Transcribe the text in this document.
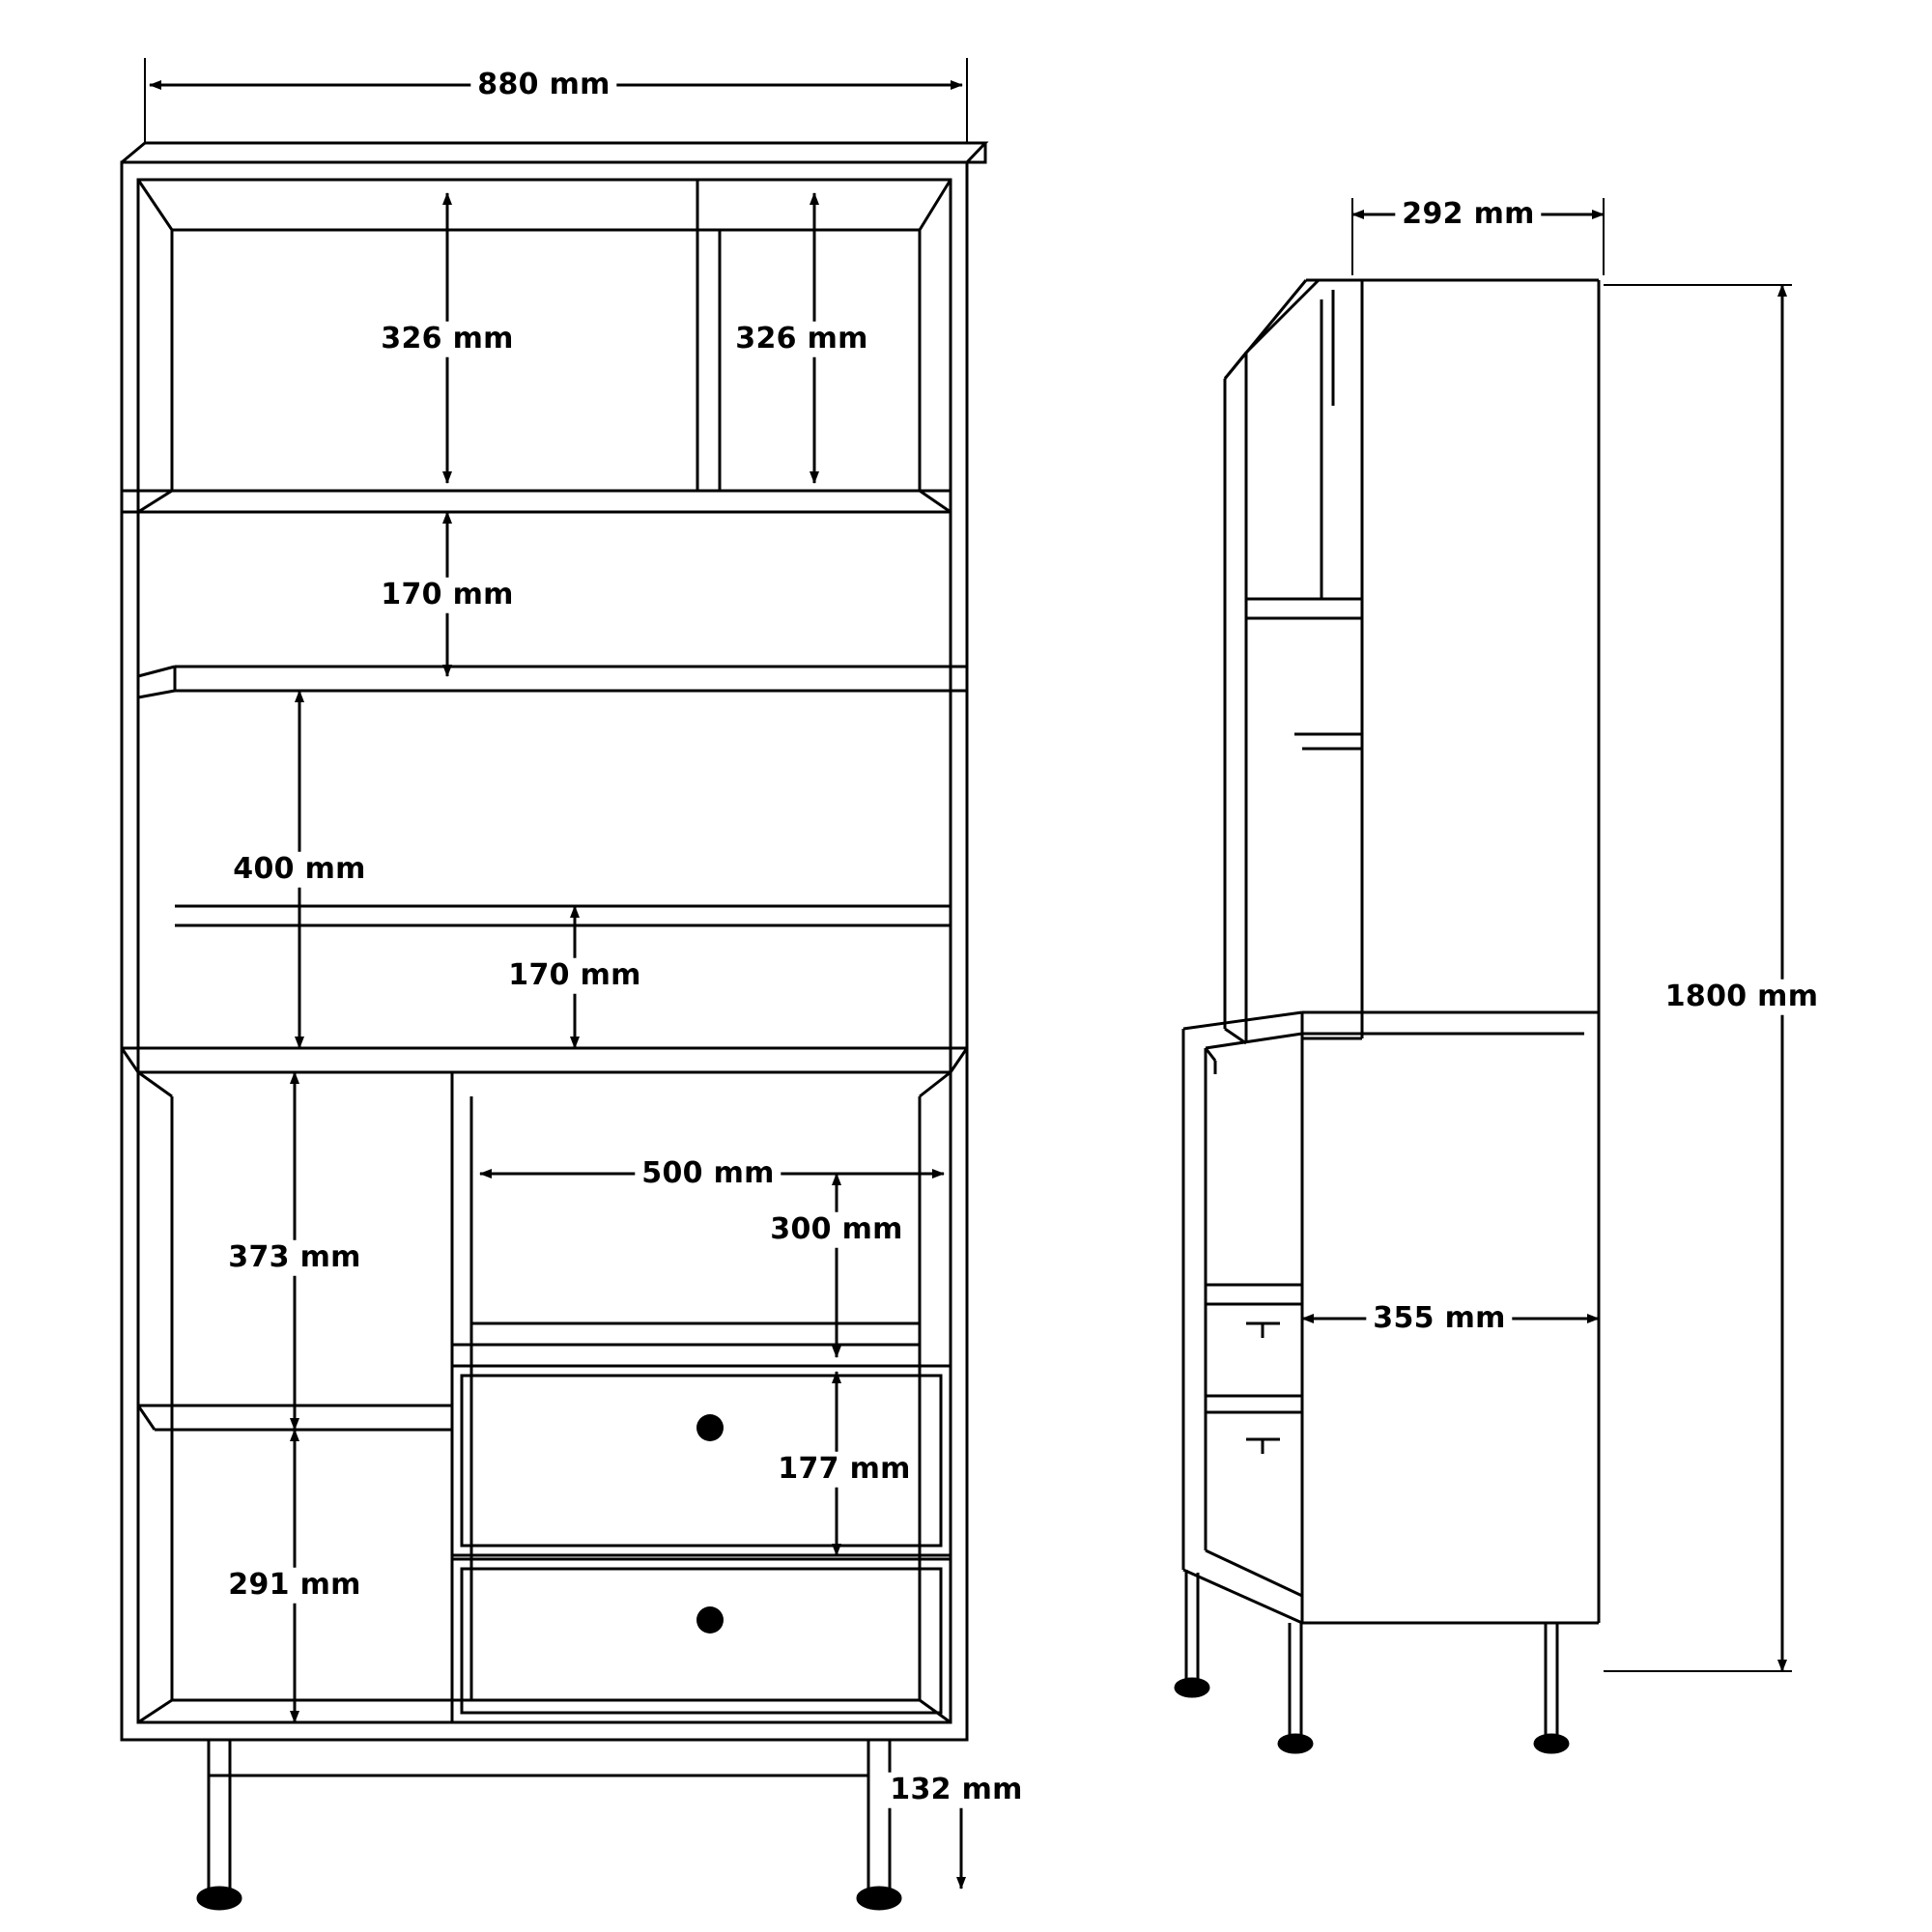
880 mm
326 mm	326 mm
170 mm
400 mm
170 mm
500 mm
300 mm
373 mm
177 mm
291 mm
132 mm
292 mm
1800 mm
355 mm
